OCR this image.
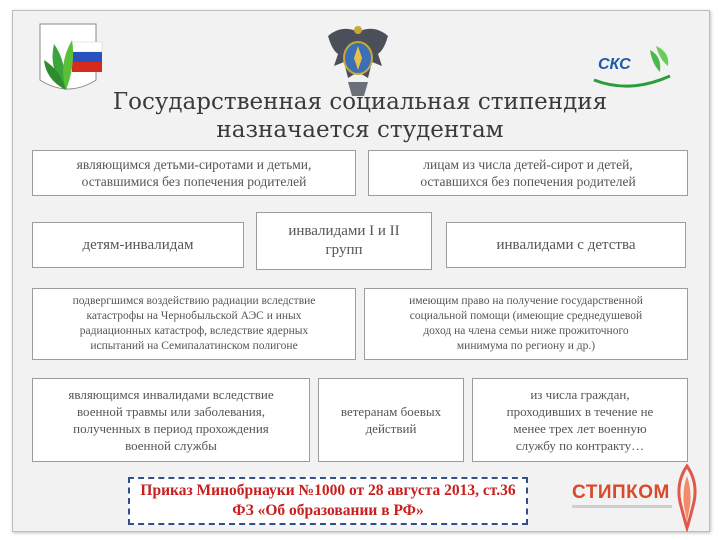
СКС
Государственная социальная стипендия
назначается студентам
являющимся детьми-сиротами и детьми,
оставшимися без попечения родителей
лицам из числа детей-сирот и детей,
оставшихся без попечения родителей
детям-инвалидам
инвалидами I и II
групп	инвалидами с детства
подвергшимся воздействию радиации вследствие
катастрофы на Чернобыльской АЭС и иных
радиационных катастроф, вследствие ядерных
испытаний на Семипалатинском полигоне
имеющим право на получение государственной
социальной помощи (имеющие среднедушевой
доход на члена семьи ниже прожиточного
минимума по региону и др.)
являющимся инвалидами вследствие
военной травмы или заболевания,
полученных в период прохождения
военной службы
ветеранам боевых
действий
из числа граждан,
проходивших в течение не
менее трех лет военную
службу по контракту…
Приказ Минобрнауки №1000 от 28 августа 2013, ст.36
ФЗ «Об образовании в РФ»
СТИПКОМ
